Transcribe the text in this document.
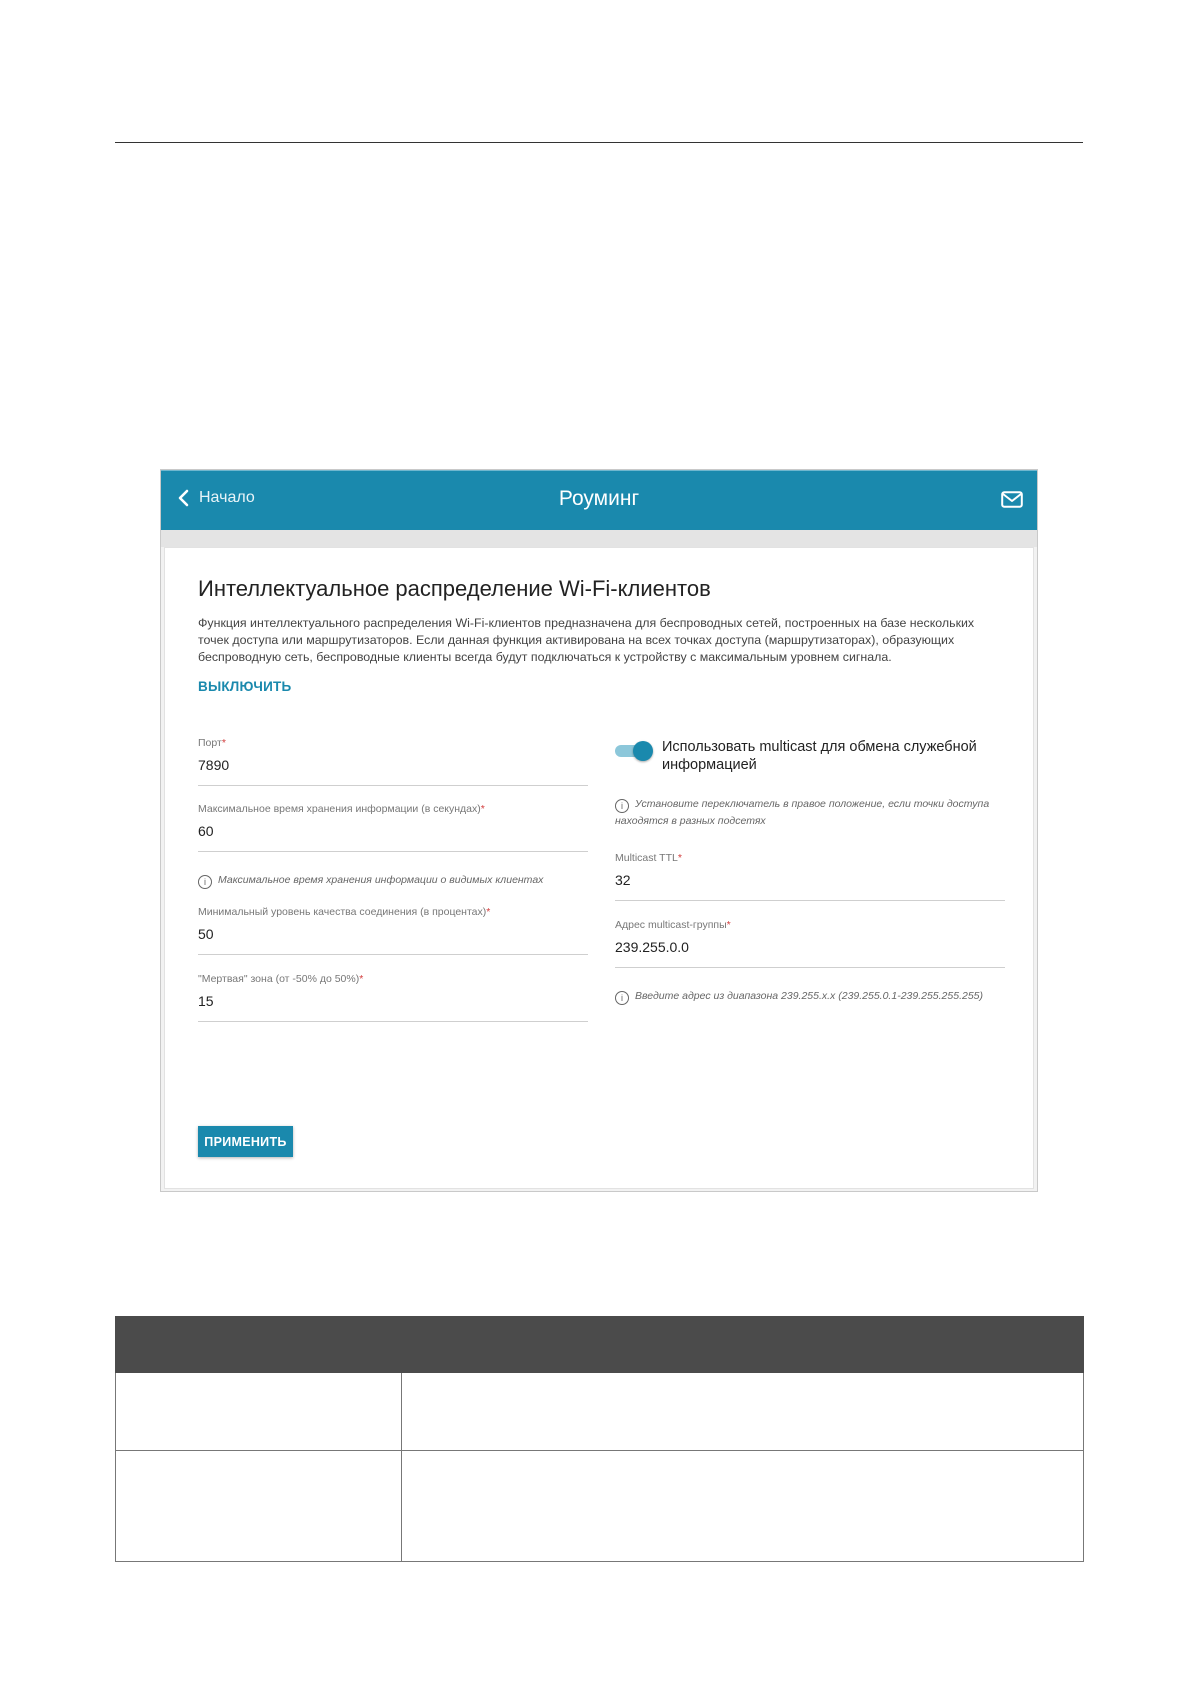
Начало	Роуминг
Интеллектуальное распределение Wi-Fi-клиентов
Функция интеллектуального распределения Wi-Fi-клиентов предназначена для беспроводных сетей, построенных на базе нескольких точек доступа или маршрутизаторов. Если данная функция активирована на всех точках доступа (маршрутизаторах), образующих беспроводную сеть, беспроводные клиенты всегда будут подключаться к устройству с максимальным уровнем сигнала.
ВЫКЛЮЧИТЬ
Порт*
7890
Максимальное время хранения информации (в секундах)*
60
i Максимальное время хранения информации о видимых клиентах
Минимальный уровень качества соединения (в процентах)*
50
"Мертвая" зона (от -50% до 50%)*
15
Использовать multicast для обмена служебной информацией
i Установите переключатель в правое положение, если точки доступа находятся в разных подсетях
Multicast TTL*
32
Адрес multicast-группы*
239.255.0.0
i Введите адрес из диапазона 239.255.x.x (239.255.0.1-239.255.255.255)
ПРИМЕНИТЬ
